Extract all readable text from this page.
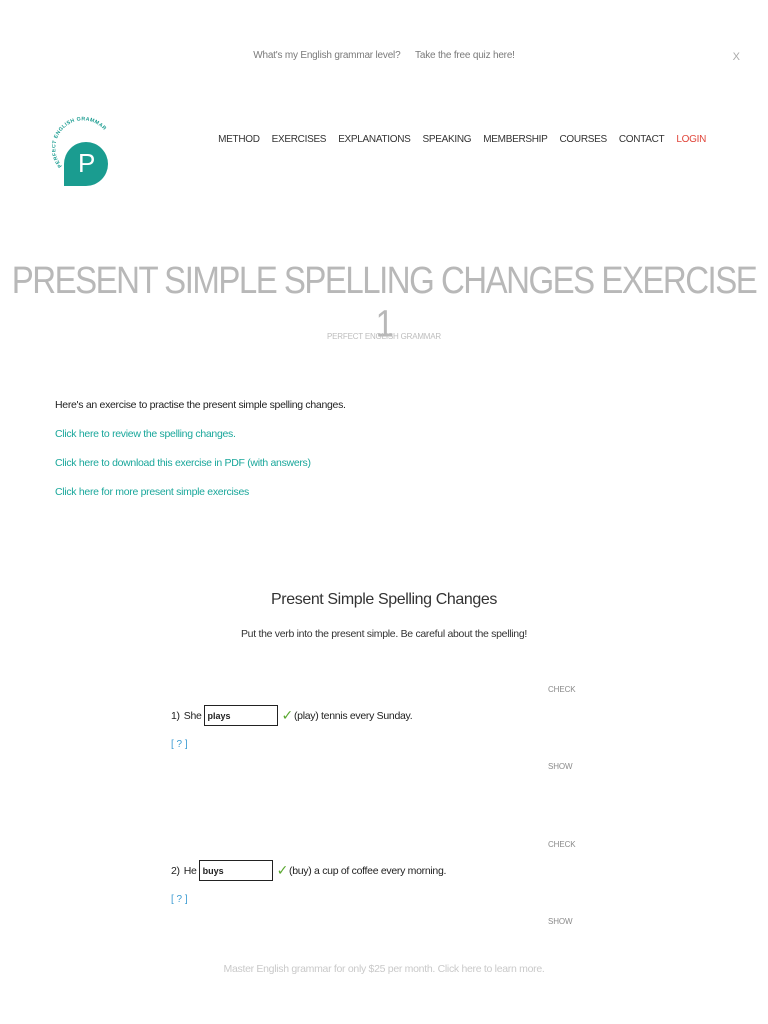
What's my English grammar level? Take the free quiz here!	X
PERF T ENGLISH GRAMMAR
P
METHOD EXERCISES EXPLANATIONS SPEAKING MEMBERSHIP COURSES CONTACT LOGIN
PRESENT SIMPLE SPELLING CHANGES EXERCISE 1
PERFECT ENGLISH GRAMMAR
Here's an exercise to practise the present simple spelling changes.
Click here to review the spelling changes.
Click here to download this exercise in PDF (with answers)
Click here for more present simple exercises
Present Simple Spelling Changes
Put the verb into the present simple. Be careful about the spelling!
CHECK
1) She
plays	✓ (play) tennis every Sunday.
[ ? ]
SHOW
CHECK
2) He
buys	✓ (buy) a cup of coffee every morning.
[ ? ]
SHOW
Master English grammar for only $25 per month. Click here to learn more.
